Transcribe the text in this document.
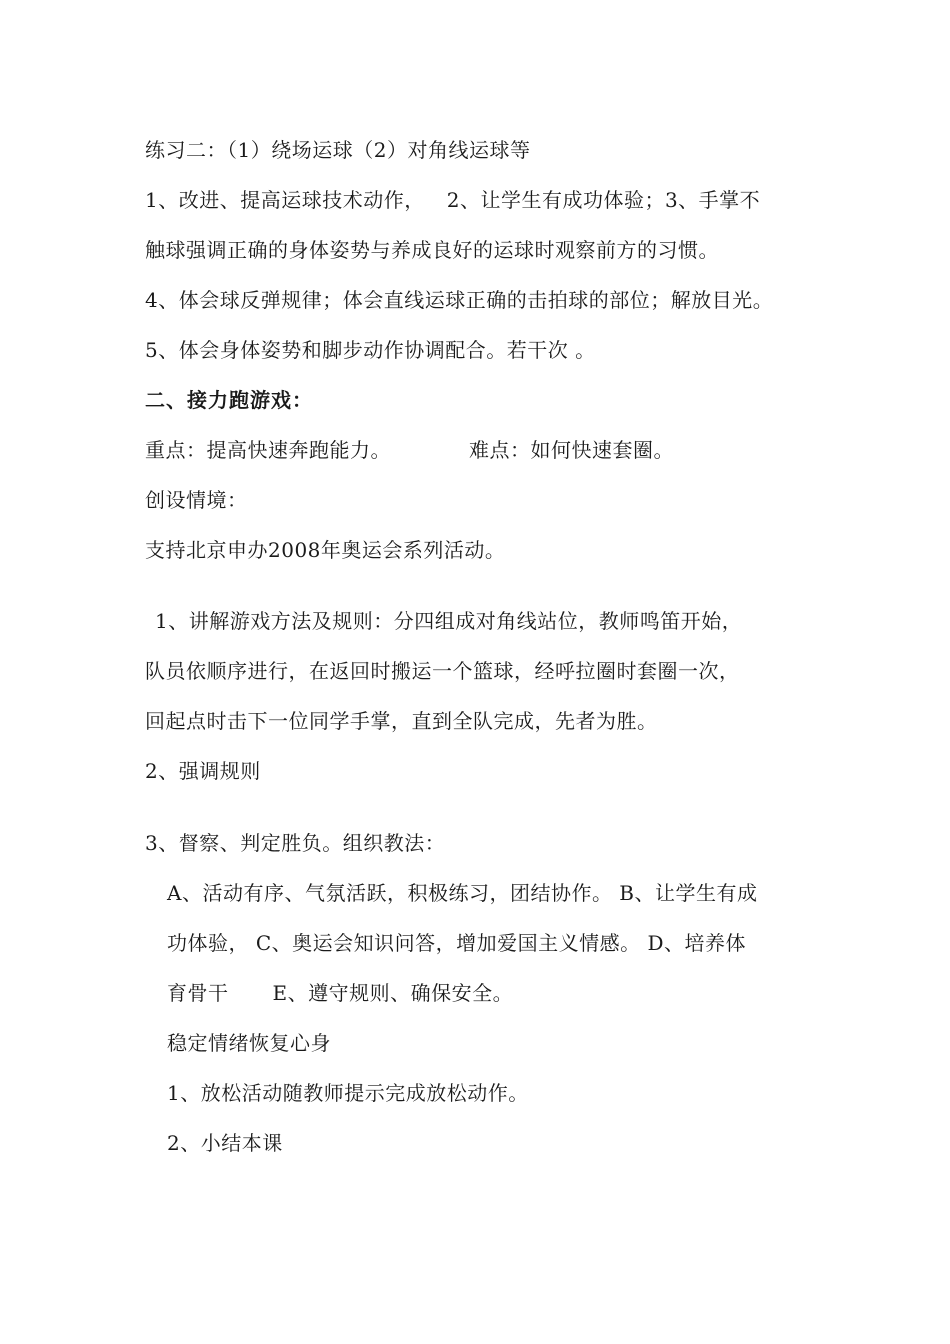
练习二：（1）绕场运球（2）对角线运球等
1、改进、提高运球技术动作， 2、让学生有成功体验；3、手掌不
触球强调正确的身体姿势与养成良好的运球时观察前方的习惯。
4、体会球反弹规律；体会直线运球正确的击拍球的部位；解放目光。
5、体会身体姿势和脚步动作协调配合。若干次 。
二、接力跑游戏：
重点：提高快速奔跑能力。	难点：如何快速套圈。
创设情境：
支持北京申办2008年奥运会系列活动。
1、讲解游戏方法及规则：分四组成对角线站位，教师鸣笛开始，
队员依顺序进行，在返回时搬运一个篮球，经呼拉圈时套圈一次，
回起点时击下一位同学手掌，直到全队完成，先者为胜。
2、强调规则
3、督察、判定胜负。组织教法：
A、活动有序、气氛活跃，积极练习，团结协作。 B、让学生有成
功体验， C、奥运会知识问答，增加爱国主义情感。 D、培养体
育骨干 E、遵守规则、确保安全。
稳定情绪恢复心身
1、放松活动随教师提示完成放松动作。
2、小结本课
